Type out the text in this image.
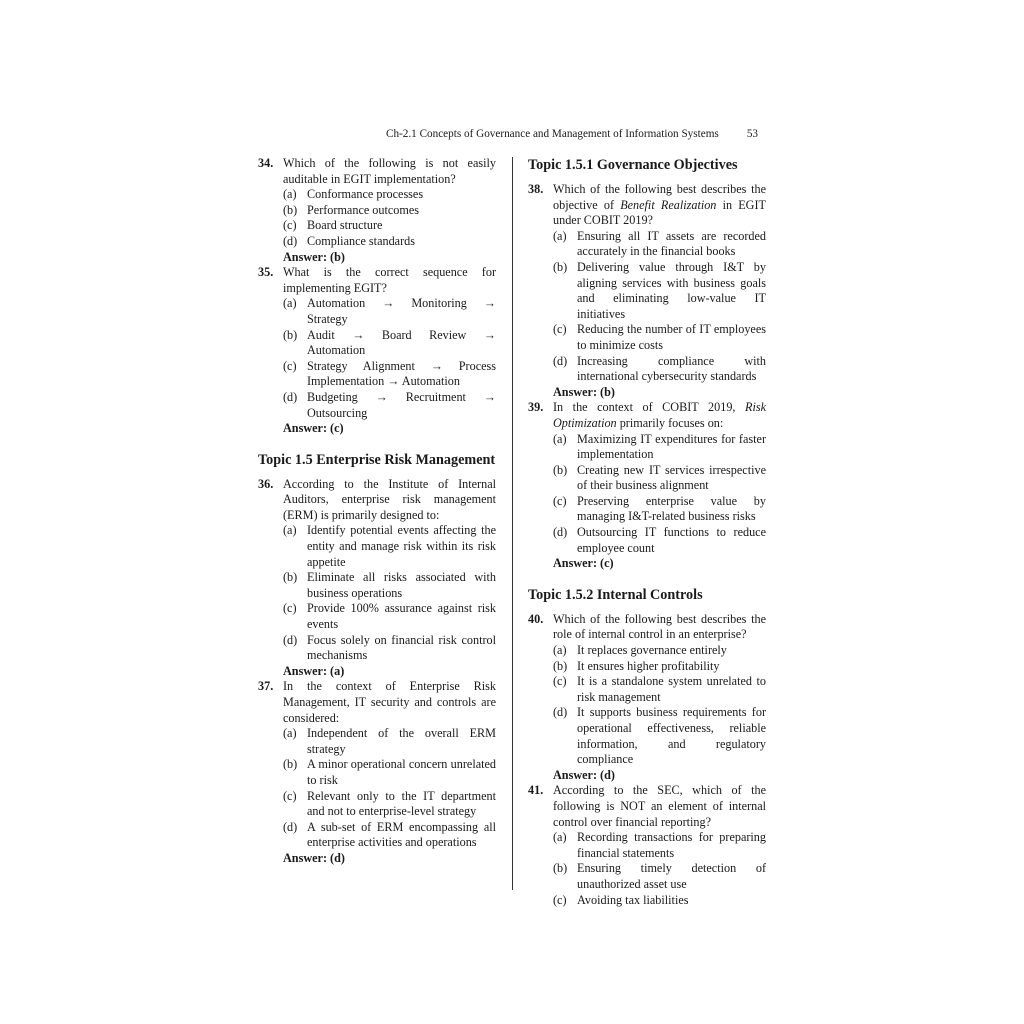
Ch-2.1 Concepts of Governance and Management of Information Systems	53
34. Which of the following is not easily auditable in EGIT implementation?
(a) Conformance processes
(b) Performance outcomes
(c) Board structure
(d) Compliance standards
Answer: (b)
35. What is the correct sequence for implementing EGIT?
(a) Automation → Monitoring → Strategy
(b) Audit → Board Review → Automation
(c) Strategy Alignment → Process Implementation → Automation
(d) Budgeting → Recruitment → Outsourcing
Answer: (c)
Topic 1.5 Enterprise Risk Management
36. According to the Institute of Internal Auditors, enterprise risk management (ERM) is primarily designed to:
(a) Identify potential events affecting the entity and manage risk within its risk appetite
(b) Eliminate all risks associated with business operations
(c) Provide 100% assurance against risk events
(d) Focus solely on financial risk control mechanisms
Answer: (a)
37. In the context of Enterprise Risk Management, IT security and controls are considered:
(a) Independent of the overall ERM strategy
(b) A minor operational concern unrelated to risk
(c) Relevant only to the IT department and not to enterprise-level strategy
(d) A sub-set of ERM encompassing all enterprise activities and operations
Answer: (d)
Topic 1.5.1 Governance Objectives
38. Which of the following best describes the objective of Benefit Realization in EGIT under COBIT 2019?
(a) Ensuring all IT assets are recorded accurately in the financial books
(b) Delivering value through I&T by aligning services with business goals and eliminating low-value IT initiatives
(c) Reducing the number of IT employees to minimize costs
(d) Increasing compliance with international cybersecurity standards
Answer: (b)
39. In the context of COBIT 2019, Risk Optimization primarily focuses on:
(a) Maximizing IT expenditures for faster implementation
(b) Creating new IT services irrespective of their business alignment
(c) Preserving enterprise value by managing I&T-related business risks
(d) Outsourcing IT functions to reduce employee count
Answer: (c)
Topic 1.5.2 Internal Controls
40. Which of the following best describes the role of internal control in an enterprise?
(a) It replaces governance entirely
(b) It ensures higher profitability
(c) It is a standalone system unrelated to risk management
(d) It supports business requirements for operational effectiveness, reliable information, and regulatory compliance
Answer: (d)
41. According to the SEC, which of the following is NOT an element of internal control over financial reporting?
(a) Recording transactions for preparing financial statements
(b) Ensuring timely detection of unauthorized asset use
(c) Avoiding tax liabilities
